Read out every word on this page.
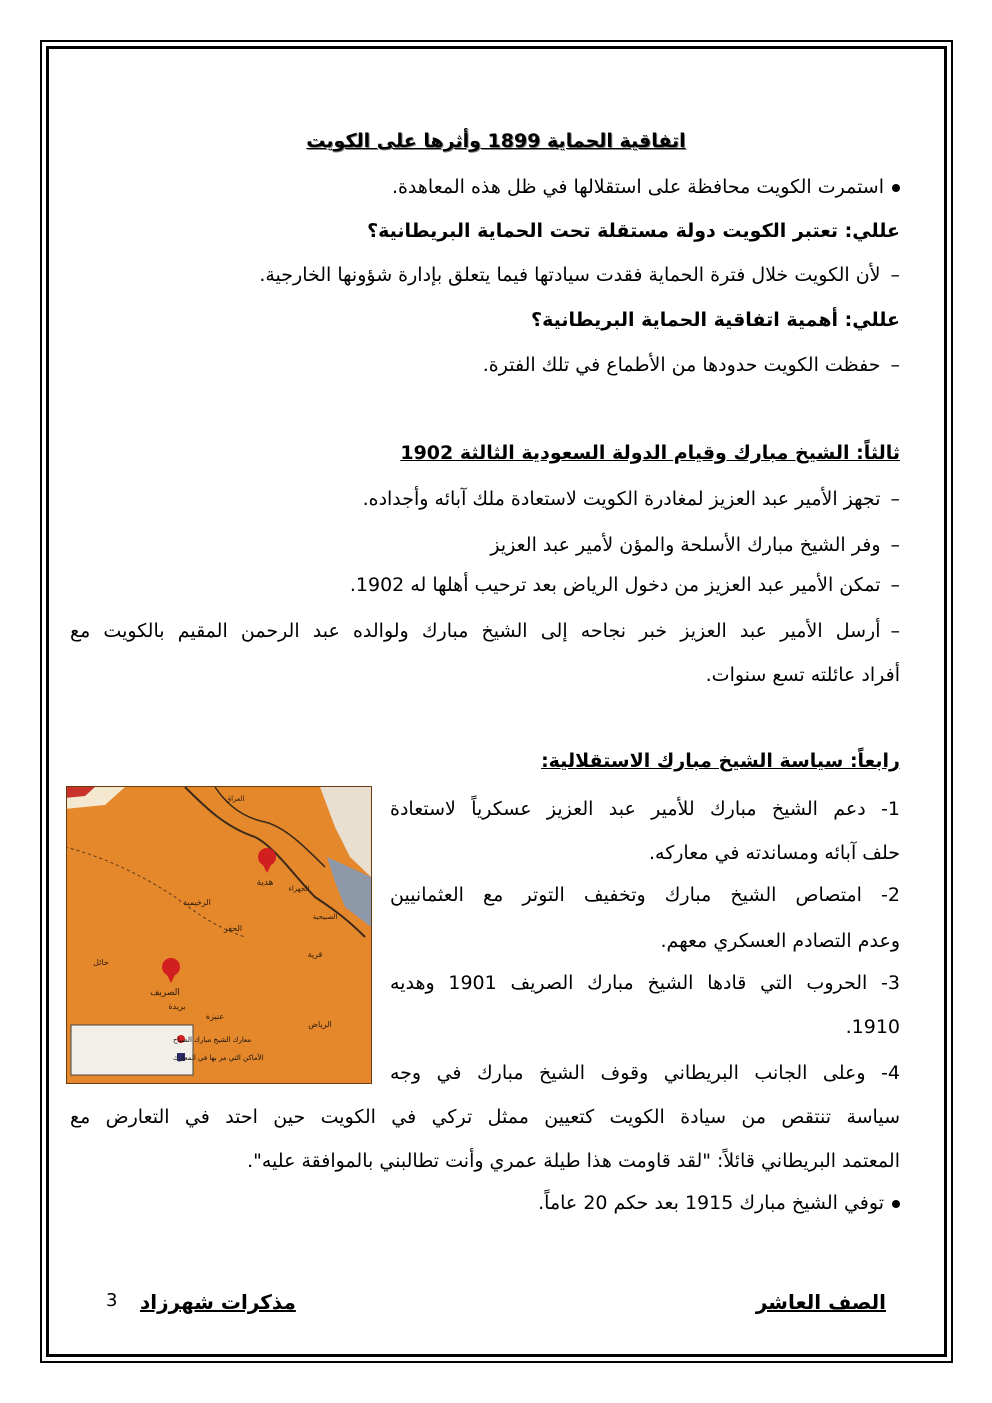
اتفاقية الحماية 1899 وأثرها على الكويت
استمرت الكويت محافظة على استقلالها في ظل هذه المعاهدة.
عللي: تعتبر الكويت دولة مستقلة تحت الحماية البريطانية؟
–لأن الكويت خلال فترة الحماية فقدت سيادتها فيما يتعلق بإدارة شؤونها الخارجية.
عللي: أهمية اتفاقية الحماية البريطانية؟
–حفظت الكويت حدودها من الأطماع في تلك الفترة.
ثالثاً: الشيخ مبارك وقيام الدولة السعودية الثالثة 1902
–تجهز الأمير عبد العزيز لمغادرة الكويت لاستعادة ملك آبائه وأجداده.
–وفر الشيخ مبارك الأسلحة والمؤن لأمير عبد العزيز
–تمكن الأمير عبد العزيز من دخول الرياض بعد ترحيب أهلها له 1902.
–أرسل الأمير عبد العزيز خبر نجاحه إلى الشيخ مبارك ولوالده عبد الرحمن المقيم بالكويت مع
أفراد عائلته تسع سنوات.
رابعاً: سياسة الشيخ مبارك الاستقلالية:
1- دعم الشيخ مبارك للأمير عبد العزيز عسكرياً لاستعادة
حلف آبائه ومساندته في معاركه.
2- امتصاص الشيخ مبارك وتخفيف التوتر مع العثمانيين
وعدم التصادم العسكري معهم.
3- الحروب التي قادها الشيخ مبارك الصريف 1901 وهديه
1910.
4- وعلى الجانب البريطاني وقوف الشيخ مبارك في وجه
سياسة تنتقص من سيادة الكويت كتعيين ممثل تركي في الكويت حين احتد في التعارض مع
المعتمد البريطاني قائلاً: "لقد قاومت هذا طيلة عمري وأنت تطالبني بالموافقة عليه".
توفي الشيخ مبارك 1915 بعد حكم 20 عاماً.
هدية
الصريف
بريدة
عنيزة
الرياض
الحفر
حائل
قرية
الرخيمية
الجهراء
الصبيحية
العراق
معارك الشيخ مبارك الصباح
الأماكن التي مر بها في المعارك
الصف العاشر
مذكرات شهرزاد
3
